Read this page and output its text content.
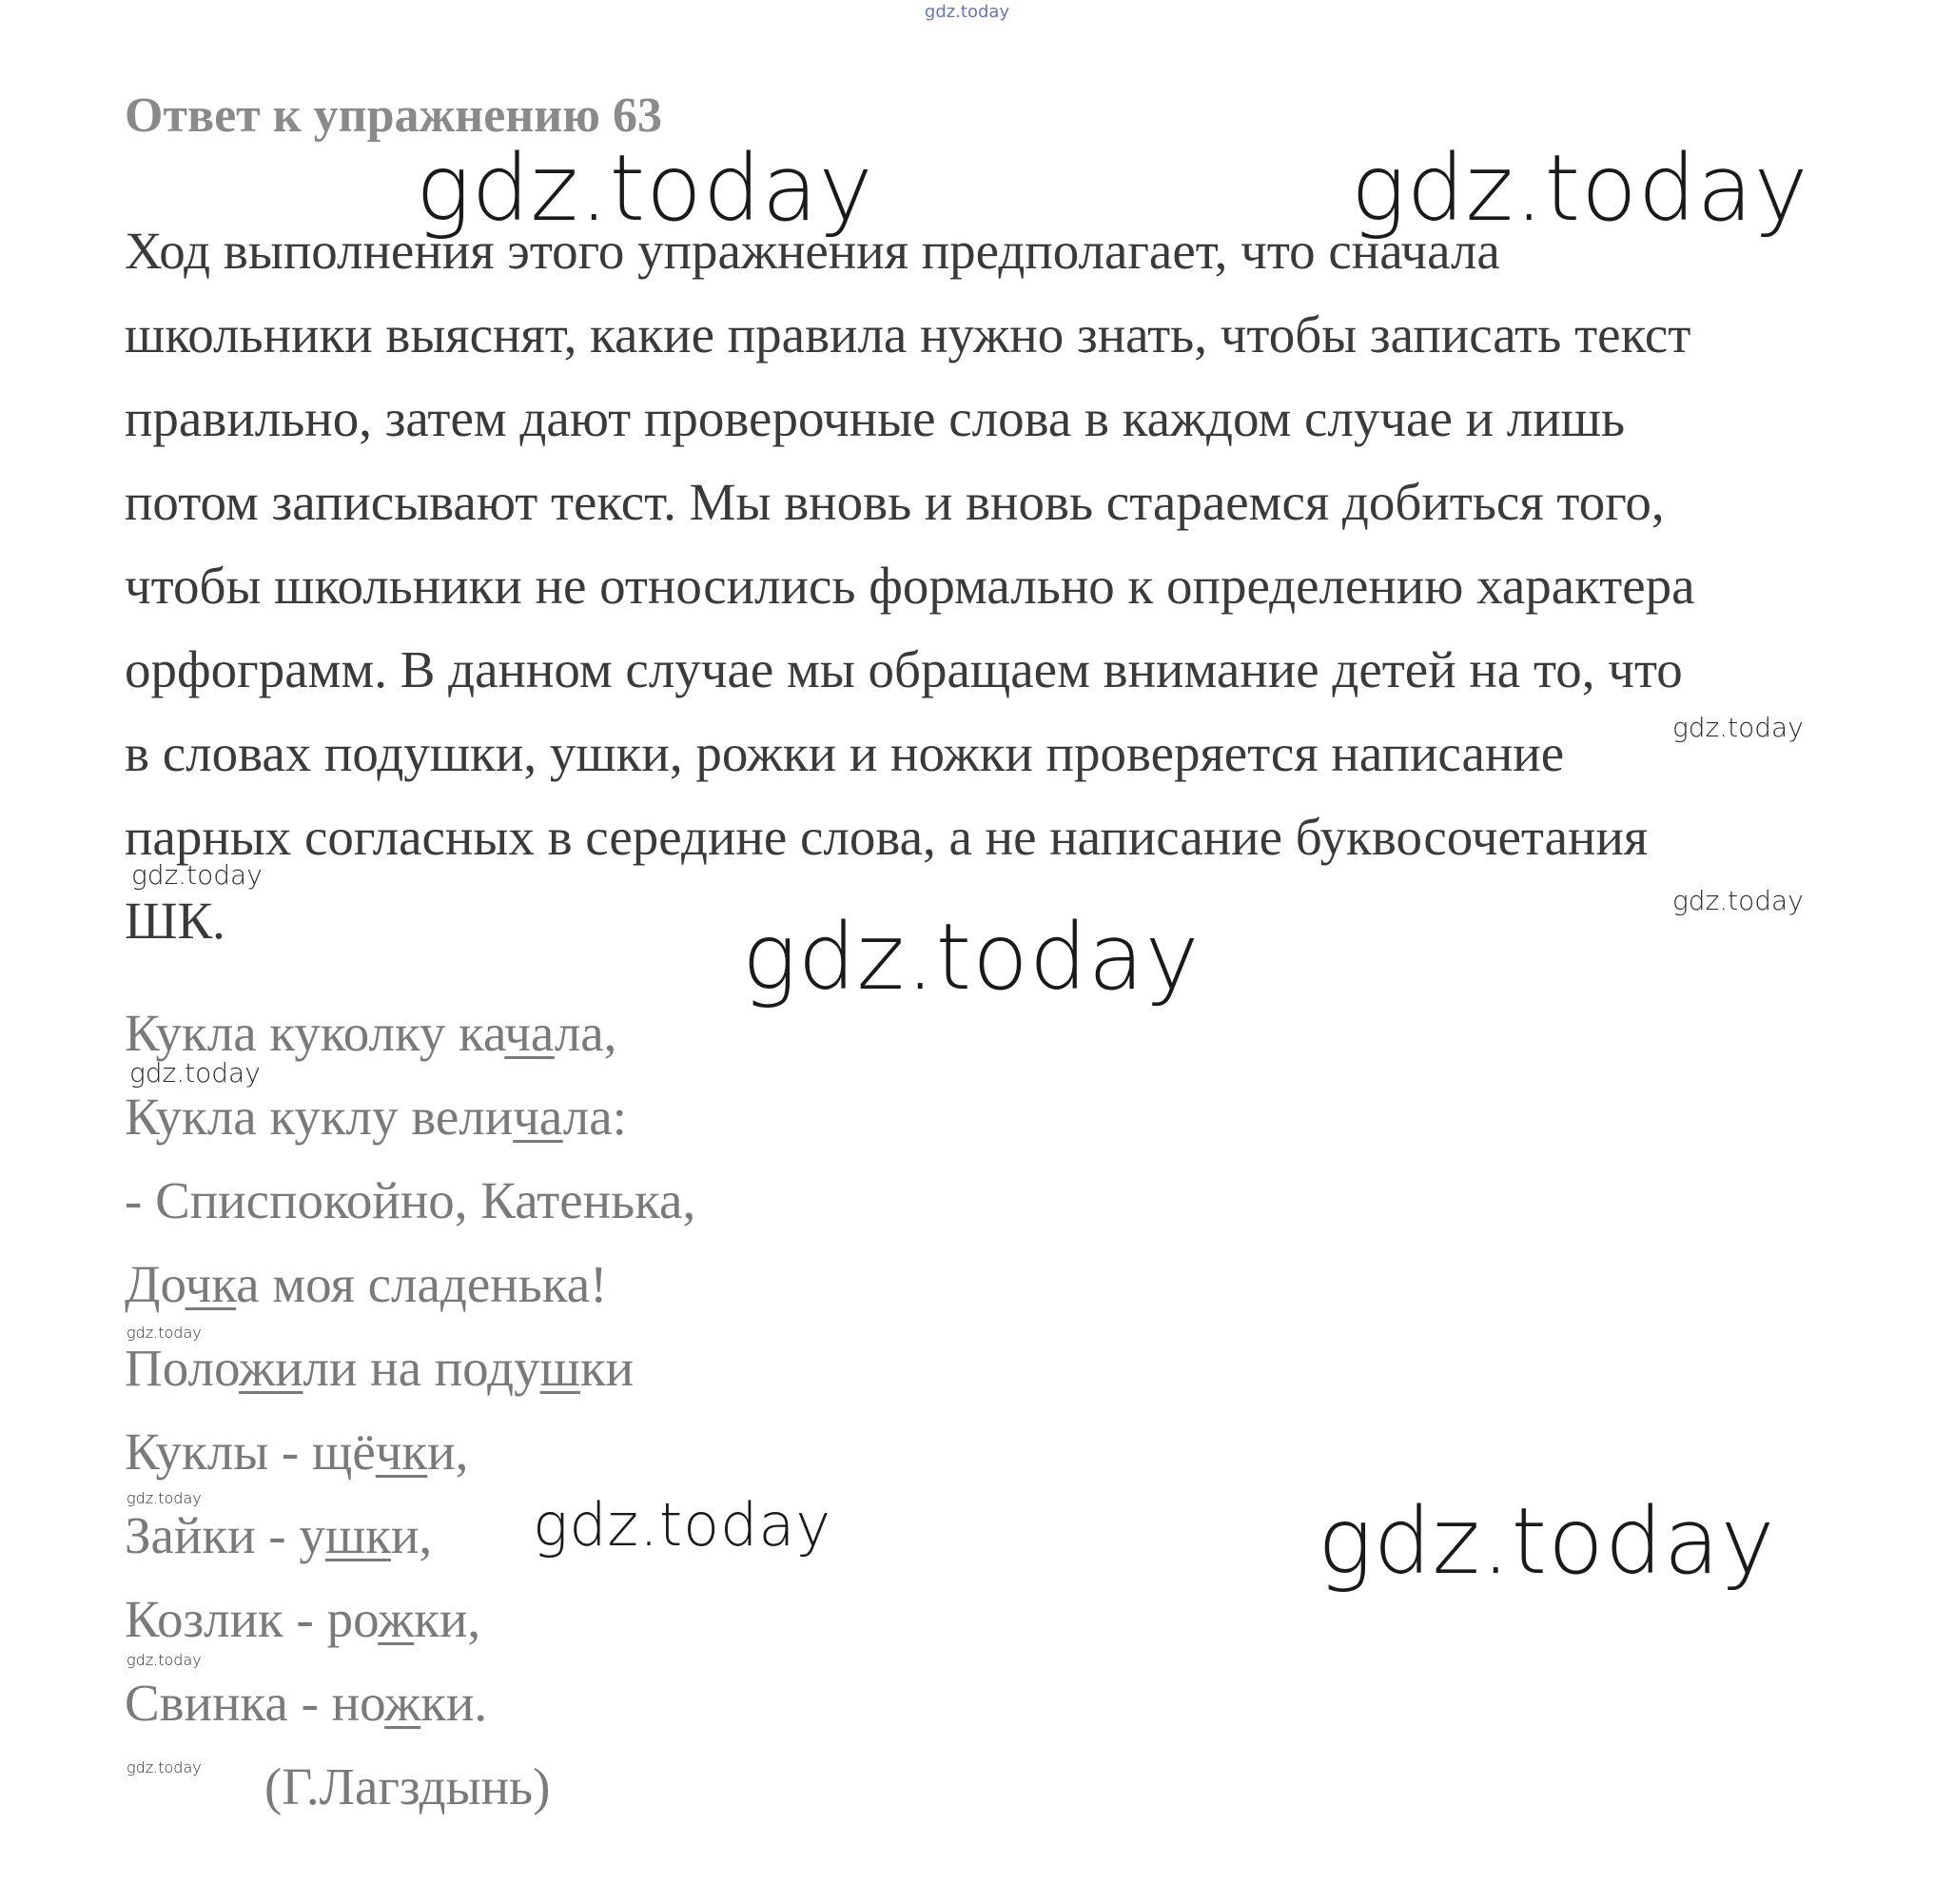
gdz.today
Ответ к упражнению 63
gdz.today	gdz.today
Ход выполнения этого упражнения предполагает, что сначала
школьники выяснят, какие правила нужно знать, чтобы записать текст
правильно, затем дают проверочные слова в каждом случае и лишь
потом записывают текст. Мы вновь и вновь стараемся добиться того,
чтобы школьники не относились формально к определению характера
орфограмм. В данном случае мы обращаем внимание детей на то, что
в словах подушки, ушки, рожки и ножки проверяется написание
парных согласных в середине слова, а не написание буквосочетания
ШК.
gdz.today
gdz.today
gdz.today
gdz.today
Кукла куколку качала,
gdz.today
Кукла куклу величала:
- Списпокойно, Катенька,
Дочка моя сладенька!
gdz.today
Положили на подушки
Куклы - щёчки,
gdz.today
Зайки - ушки, gdz.today	gdz.today
Козлик - рожки,
gdz.today
Свинка - ножки.
gdz.today (Г.Лагздынь)
